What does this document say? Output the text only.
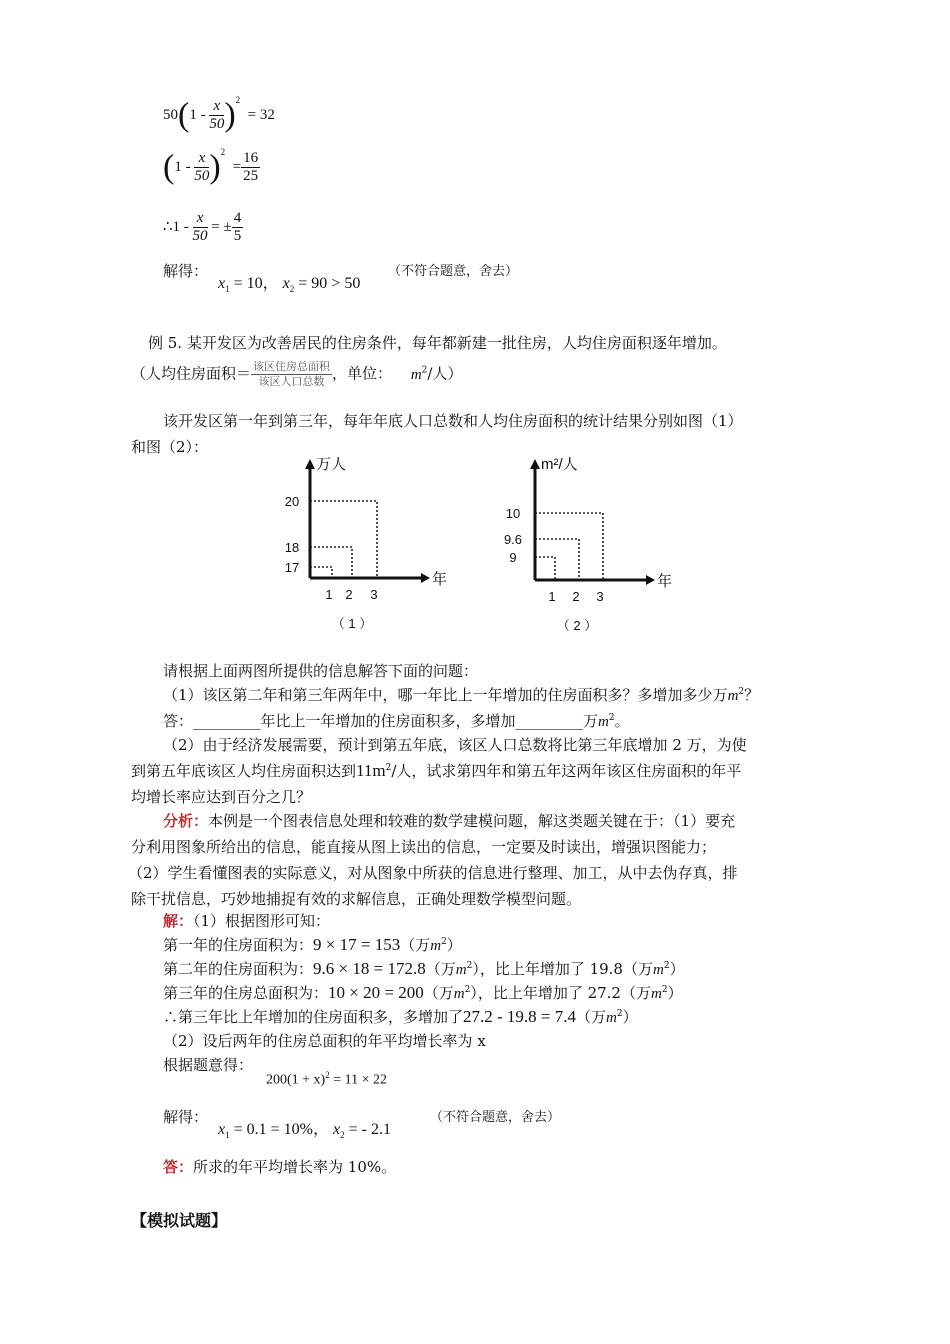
$50(1 - \frac{x}{50} )^2 = 32$
$(1 - \frac{x}{50} )^2 = \frac{16}{25}$
∴1 - $\frac{x}{50}$ = ± $\frac{4}{5}$
解得：
$x_1 = 10$， $x_2 = 90 > 50$
（不符合题意，舍去）
例 5. 某开发区为改善居民的住房条件，每年都新建一批住房，人均住房面积逐年增加。
（人均住房面积＝ 该区住房总面积
该区人口总数 ，单位： $m^2/$人）
该开发区第一年到第三年，每年年底人口总数和人均住房面积的统计结果分别如图（1）
和图（2）：
万人
年
17
1
18
2
20
3
（ 1 ）
m²/人
年
9
1
9.6
2
10
3
（ 2 ）
请根据上面两图所提供的信息解答下面的问题：
（1）该区第二年和第三年两年中，哪一年比上一年增加的住房面积多？多增加多少万$m^2$？
答：_________年比上一年增加的住房面积多，多增加_________万$m^2$。
（2）由于经济发展需要，预计到第五年底，该区人口总数将比第三年底增加 2 万，为使
到第五年底该区人均住房面积达到$11m^2/$人，试求第四年和第五年这两年该区住房面积的年平
均增长率应达到百分之几？
分析：本例是一个图表信息处理和较难的数学建模问题，解这类题关键在于：（1）要充
分利用图象所给出的信息，能直接从图上读出的信息，一定要及时读出，增强识图能力；
（2）学生看懂图表的实际意义，对从图象中所获的信息进行整理、加工，从中去伪存真，排
除干扰信息，巧妙地捕捉有效的求解信息，正确处理数学模型问题。
解：（1）根据图形可知：
第一年的住房面积为：9 × 17 = 153（万$m^2$）
第二年的住房面积为：9.6 × 18 = 172.8（万$m^2$），比上年增加了 19.8（万$m^2$）
第三年的住房总面积为：10 × 20 = 200（万$m^2$），比上年增加了 27.2（万$m^2$）
∴第三年比上年增加的住房面积多，多增加了27.2 - 19.8 = 7.4（万$m^2$）
（2）设后两年的住房总面积的年平均增长率为 x
根据题意得：
$200(1 + x)^2 = 11 \times 22$
解得：
$x_1 = 0.1 = 10\%$， $x_2$ = - 2.1
（不符合题意，舍去）
答：所求的年平均增长率为 10%。
【模拟试题】
